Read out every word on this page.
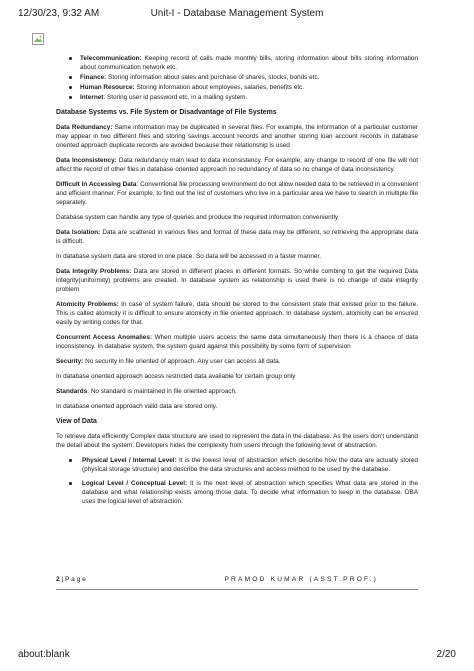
12/30/23, 9:32 AM	Unit-I - Database Management System
Telecommunication: Keeping record of calls made monthly bills, storing information about bills storing information about communication network etc.
Finance: Storing information about sales and purchase of shares, stocks, bonds etc.
Human Resource: Storing information about employees, salaries, benefits etc.
Internet: Storing user id password etc. in a mailing system.
Database Systems vs. File System or Disadvantage of File Systems

Data Redundancy: Same information may be duplicated in several files. For example, the information of a particular customer may appear in two different files and storing savings account records and another storing loan account records in database oriented approach duplicate records are avoided because their relationship is used

Data Inconsistency: Data redundancy main lead to data inconsistency. For example, any change to record of one file will not affect the record of other files in database oriented approach no redundancy of data so no change of data inconsistency.

Difficult in Accessing Data: Conventional file processing environment do not allow needed data to be retrieved in a convenient and efficient manner. For example, to find out the list of customers who live in a particular area we have to search in multiple file separately.

Database system can handle any type of queries and produce the required information conveniently

Data Isolation: Data are scattered in various files and format of these data may be different, so retrieving the appropriate data is difficult.

In database system data are stored in one place. So data will be accessed in a faster manner.

Data Integrity Problems: Data are stored in different places in different formats. So while combing to get the required Data integrity(uniformity) problems are created. In database system as relationship is used there is no change of data integrity problem

Atomicity Problems: In case of system failure, data should be stored to the consistent state that existed prior to the failure. This is called atomicity it is difficult to ensure atomicity in file oriented approach. In database system, atomicity can be ensured easily by writing codes for that.

Concurrent Access Anomalies: When multiple users access the same data simultaneously then there is a chance of data inconsistency. In database system, the system guard against this possibility by some form of supervision

Security: No security in file oriented of approach. Any user can access all data.

In database oriented approach access restricted data available for certain group only

Standards: No standard is maintained in file oriented approach.

In database oriented approach valid data are stored only.

View of Data

To retrieve data efficiently Complex data structure are used to represent the data in the database. As the users don't understand the detail about the system. Developers hides the complexity from users through the following level of abstraction.

Physical Level / Internal Level: It is the lowest level of abstraction which describe how the data are actually stored (physical storage structure) and describe the data structures and access method to be used by the database.
Logical Level / Conceptual Level: It is the next level of abstraction which specifies What data are stored in the database and what relationship exists among those data. To decide what information to keep in the database. DBA uses the logical level of abstraction.
2 | P a g e	PRAMOD KUMAR (ASST.PROF.)
about:blank	2/20
